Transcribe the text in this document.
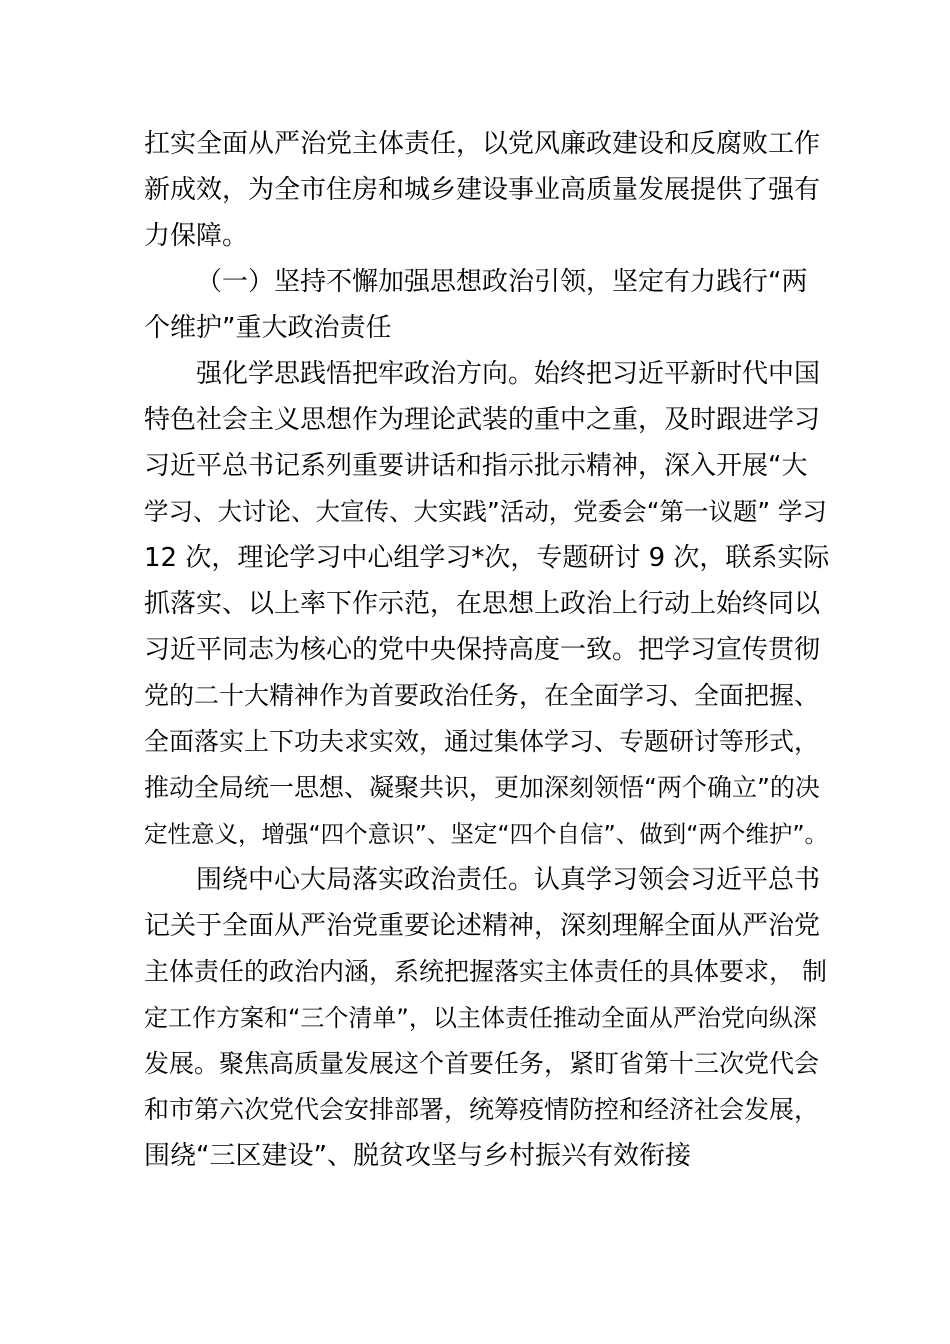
扛实全面从严治党主体责任，以党风廉政建设和反腐败工作
新成效，为全市住房和城乡建设事业高质量发展提供了强有
力保障。
（一）坚持不懈加强思想政治引领，坚定有力践行“两
个维护”重大政治责任
强化学思践悟把牢政治方向。始终把习近平新时代中国
特色社会主义思想作为理论武装的重中之重，及时跟进学习
习近平总书记系列重要讲话和指示批示精神，深入开展“大
学习、大讨论、大宣传、大实践”活动，党委会“第一议题” 学习
12 次，理论学习中心组学习*次，专题研讨 9 次，联系实际
抓落实、以上率下作示范，在思想上政治上行动上始终同以
习近平同志为核心的党中央保持高度一致。把学习宣传贯彻
党的二十大精神作为首要政治任务，在全面学习、全面把握、
全面落实上下功夫求实效，通过集体学习、专题研讨等形式，
推动全局统一思想、凝聚共识，更加深刻领悟“两个确立”的决
定性意义，增强“四个意识”、坚定“四个自信”、做到“两个维护”。
围绕中心大局落实政治责任。认真学习领会习近平总书
记关于全面从严治党重要论述精神，深刻理解全面从严治党
主体责任的政治内涵，系统把握落实主体责任的具体要求， 制
定工作方案和“三个清单”，以主体责任推动全面从严治党向纵深
发展。聚焦高质量发展这个首要任务，紧盯省第十三次党代会
和市第六次党代会安排部署，统筹疫情防控和经济社会发展，
围绕“三区建设”、脱贫攻坚与乡村振兴有效衔接
